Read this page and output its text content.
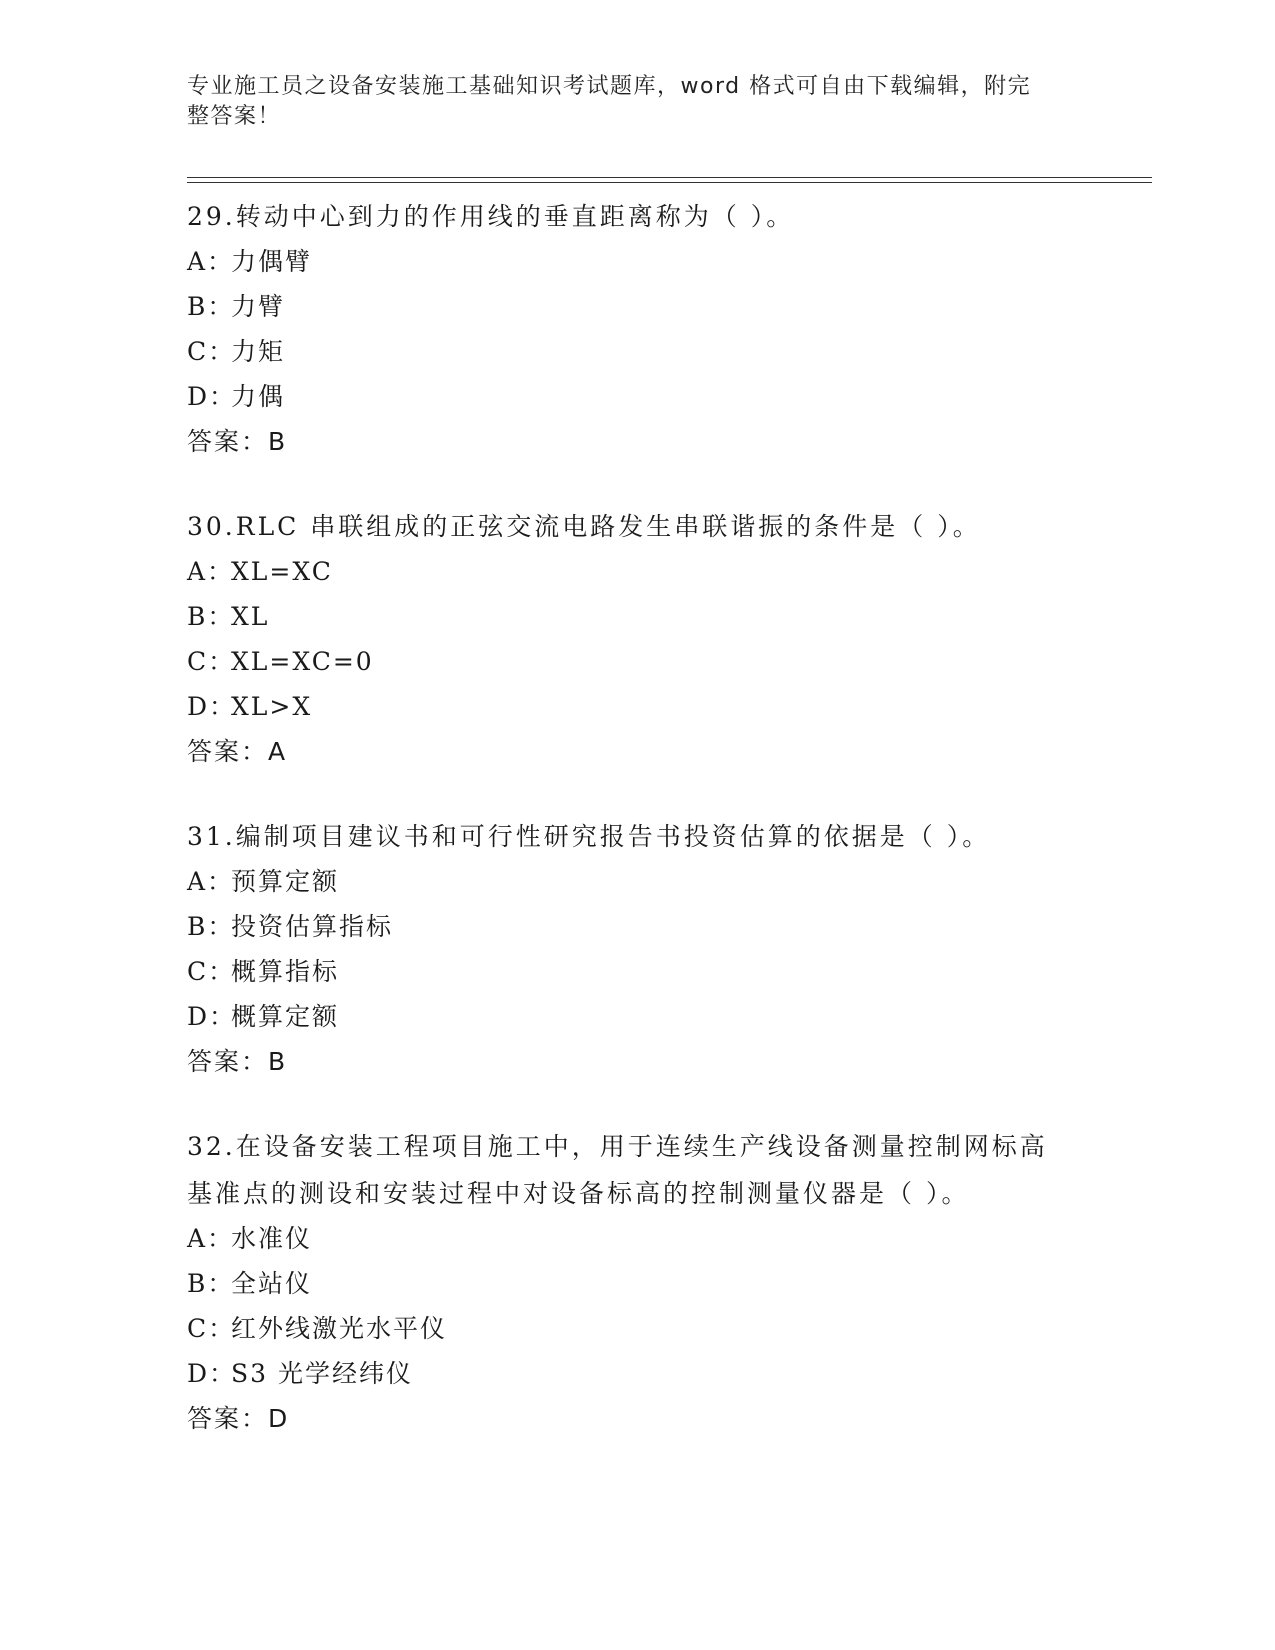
专业施工员之设备安装施工基础知识考试题库，word 格式可自由下载编辑，附完
整答案！

29.转动中心到力的作用线的垂直距离称为（ ）。

A：
力偶臂

B：
力臂

C：
力矩

D：
力偶

答案：B

30.RLC 串联组成的正弦交流电路发生串联谐振的条件是（ ）。

A：
XL=XC

B：
XL

C：
XL=XC=0

D：
XL>X

答案：A

31.编制项目建议书和可行性研究报告书投资估算的依据是（ ）。

A：
预算定额

B：
投资估算指标

C：
概算指标

D：
概算定额

答案：B

32.在设备安装工程项目施工中，用于连续生产线设备测量控制网标高

基准点的测设和安装过程中对设备标高的控制测量仪器是（ ）。

A：
水准仪

B：
全站仪

C：
红外线激光水平仪

D：
S3 光学经纬仪

答案：D
